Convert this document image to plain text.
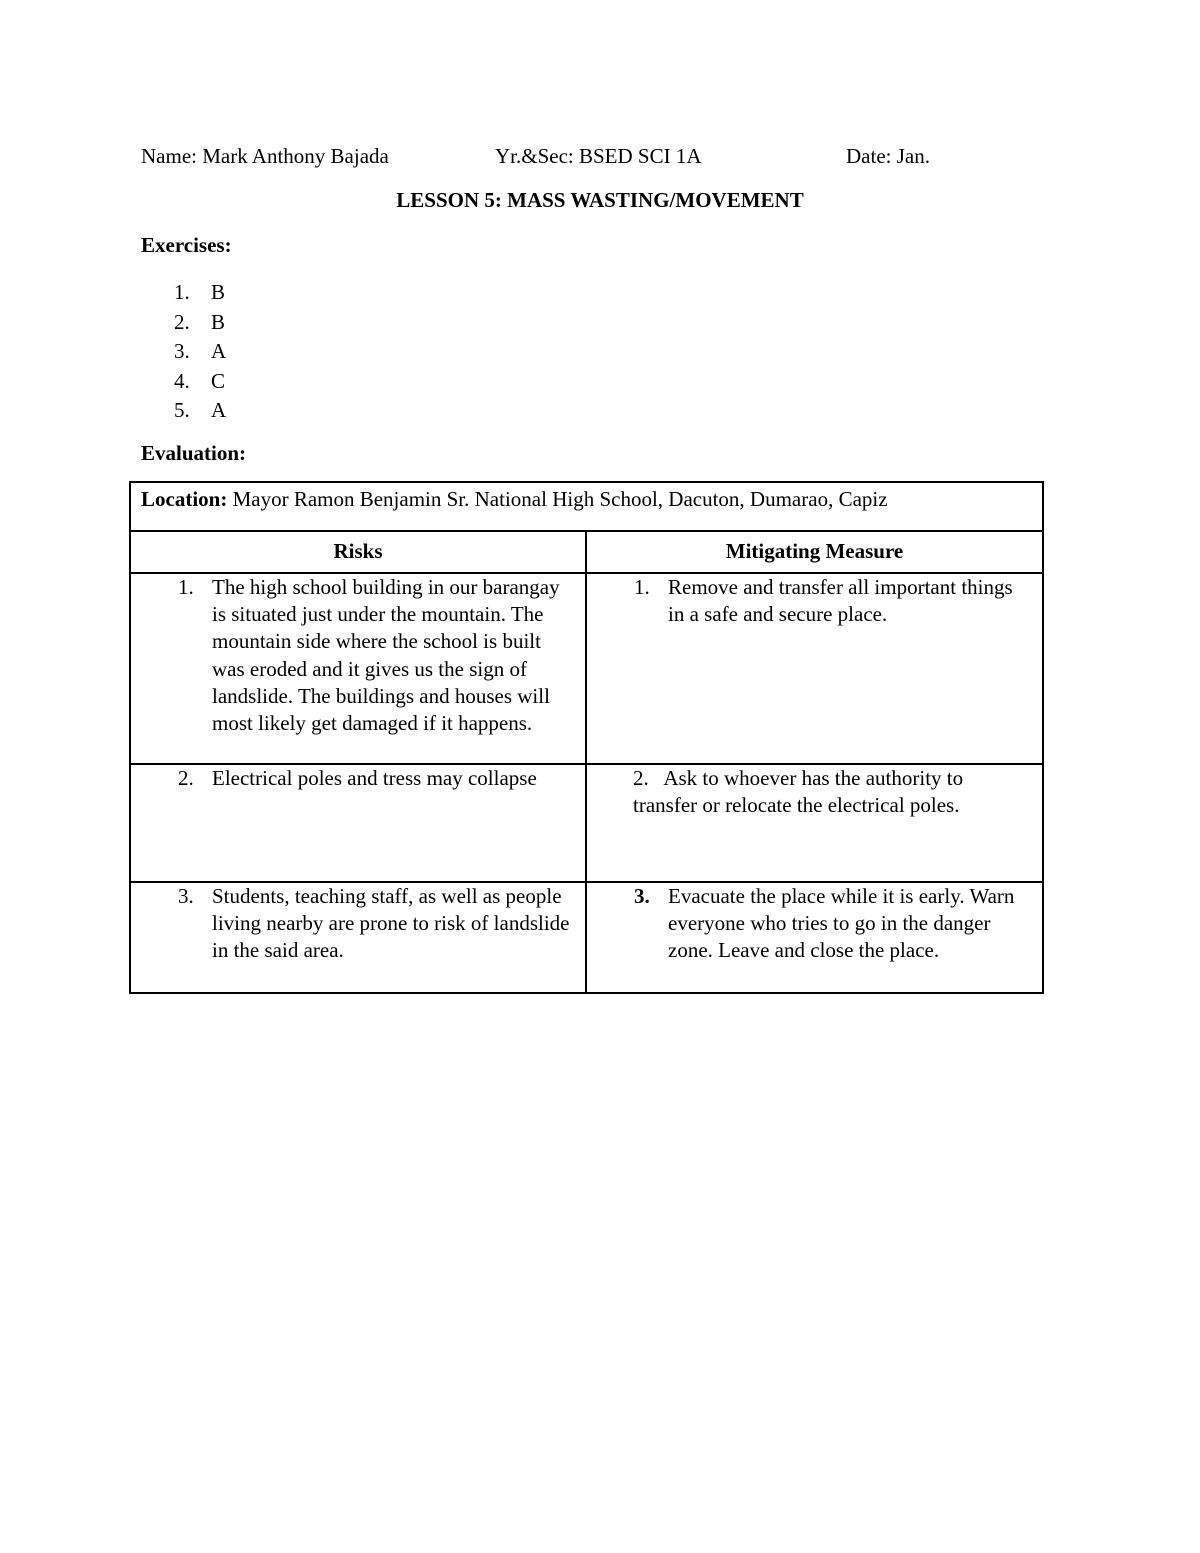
Name: Mark Anthony Bajada	Yr.&Sec: BSED SCI 1A	Date: Jan.
LESSON 5: MASS WASTING/MOVEMENT
Exercises:
1.	B
2.	B
3.	A
4.	C
5.	A
Evaluation:
Location: Mayor Ramon Benjamin Sr. National High School, Dacuton, Dumarao, Capiz	
Risks	Mitigating Measure

1. The high school building in our barangay is situated just under the mountain. The mountain side where the school is built was eroded and it gives us the sign of landslide. The buildings and houses will most likely get damaged if it happens.	1. Remove and transfer all important things in a safe and secure place.

2. Electrical poles and tress may collapse	2. Ask to whoever has the authority to transfer or relocate the electrical poles.

3. Students, teaching staff, as well as people living nearby are prone to risk of landslide in the said area.	3. Evacuate the place while it is early. Warn everyone who tries to go in the danger zone. Leave and close the place.
